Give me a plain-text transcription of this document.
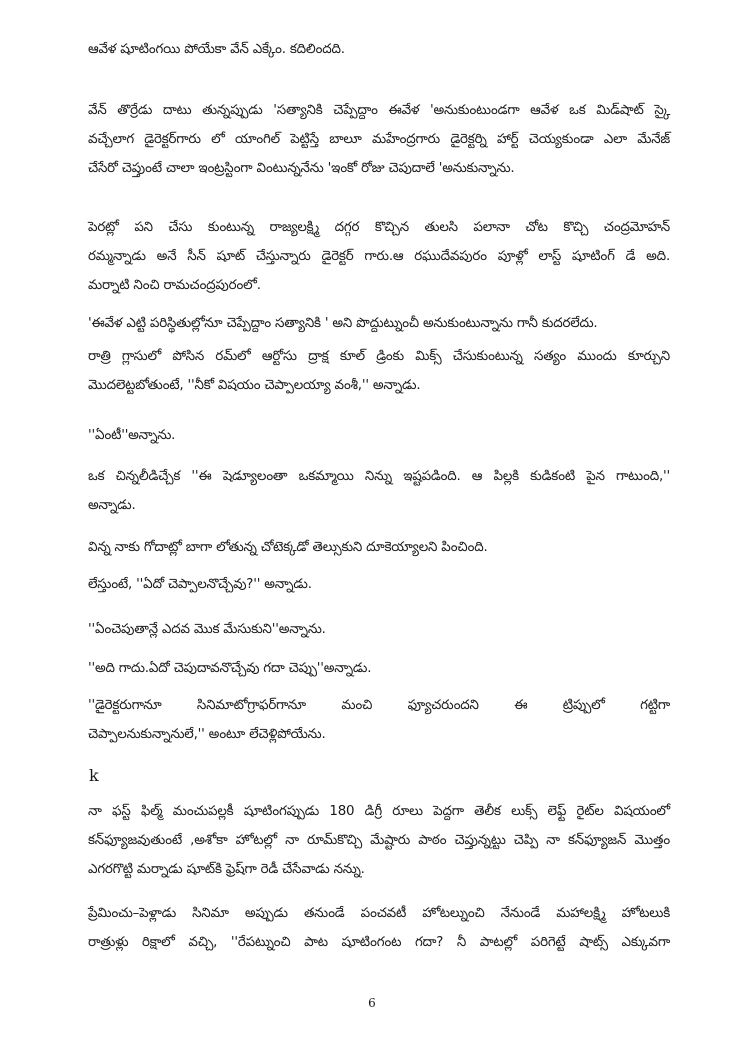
ఆవేళ షూటింగయి పోయేకా వేన్ ఎక్కేం. కదిలిందది.

వేన్ తొర్రేడు దాటు తున్నప్పుడు 'సత్యానికి చెప్పేద్దాం ఈవేళ 'అనుకుంటుండగా ఆవేళ ఒక మిడ్‌షాట్ స్కై
వచ్చేలాగ డైరెక్టర్‌గారు లో యాంగిల్ పెట్టిస్తే బాలూ మహేంద్రగారు డైరెక్టర్ని హార్ట్ చెయ్యకుండా ఎలా మేనేజ్
చేసేరో చెప్తుంటే చాలా ఇంట్రస్టింగా వింటున్ననేను 'ఇంకో రోజు చెపుదాలే 'అనుకున్నాను.

పెరట్లో పని చేసు కుంటున్న రాజ్యలక్ష్మి దగ్గర కొచ్చిన తులసి పలానా చోట కొచ్చి చంద్రమోహన్
రమ్మన్నాడు అనే సీన్ షూట్ చేస్తున్నారు డైరెక్టర్ గారు.ఆ రఘుదేవపురం పూళ్లో లాస్ట్ షూటింగ్ డే అది.
మర్నాటి నించి రామచంద్రపురంలో.

'ఈవేళ ఎట్టి పరిస్థితుల్లోనూ చెప్పేద్దాం సత్యానికి ' అని పొద్దుట్నుంచీ అనుకుంటున్నాను గానీ కుదరలేదు.

రాత్రి గ్లాసులో పోసిన రమ్‌లో ఆర్టోసు ద్రాక్ష కూల్ డ్రింకు మిక్స్ చేసుకుంటున్న సత్యం ముందు కూర్చుని
మొదలెట్టబోతుంటే, ''నీకో విషయం చెప్పాలయ్యా వంశీ,'' అన్నాడు.

''ఏంటీ''అన్నాను.

ఒక చిన్నలీడిచ్చేక ''ఈ షెడ్యూలంతా ఒకమ్మాయి నిన్ను ఇష్టపడింది. ఆ పిల్లకి కుడికంటి పైన గాటుంది,''
అన్నాడు.

విన్న నాకు గోదాట్లో బాగా లోతున్న చోటెక్కడో తెల్సుకుని దూకెయ్యాలని పించింది.

లేస్తుంటే, ''ఏదో చెప్పాలనొచ్చేవు?'' అన్నాడు.

''ఏంచెపుతాన్లే ఎదవ మొక మేసుకుని''అన్నాను.

''అది గాదు.ఏదో చెపుదావనొచ్చేవు గదా చెప్పు''అన్నాడు.

''డైరెక్టరుగానూ సినిమాటోగ్రాఫర్‌గానూ మంచి ఫ్యూచరుందని ఈ ట్రిప్పులో గట్టిగా
చెప్పాలనుకున్నానులే,'' అంటూ లేచెళ్లిపోయేను.

k

నా ఫస్ట్ ఫిల్మ్ మంచుపల్లకీ షూటింగప్పుడు 180 డిగ్రీ రూలు పెద్దగా తెలీక లుక్స్ లెఫ్ట్ రైట్‌ల విషయంలో
కన్‌ఫ్యూజవుతుంటే ,అశోకా హోటల్లో నా రూమ్‌కొచ్చి మేష్టారు పాఠం చెప్తున్నట్టు చెప్పి నా కన్‌ఫ్యూజన్ మొత్తం
ఎగరగొట్టి మర్నాడు షూట్‌కి ఫ్రెష్‌గా రెడీ చేసేవాడు నన్ను.

ప్రేమించు–పెళ్లాడు సినిమా అప్పుడు తనుండే పంచవటీ హోటల్నుంచి నేనుండే మహాలక్ష్మి హోటలుకి
రాత్రుళ్లు రిక్షాలో వచ్చి, ''రేపట్నుంచి పాట షూటింగంట గదా? నీ పాటల్లో పరిగెట్టే షాట్స్ ఎక్కువగా

6
